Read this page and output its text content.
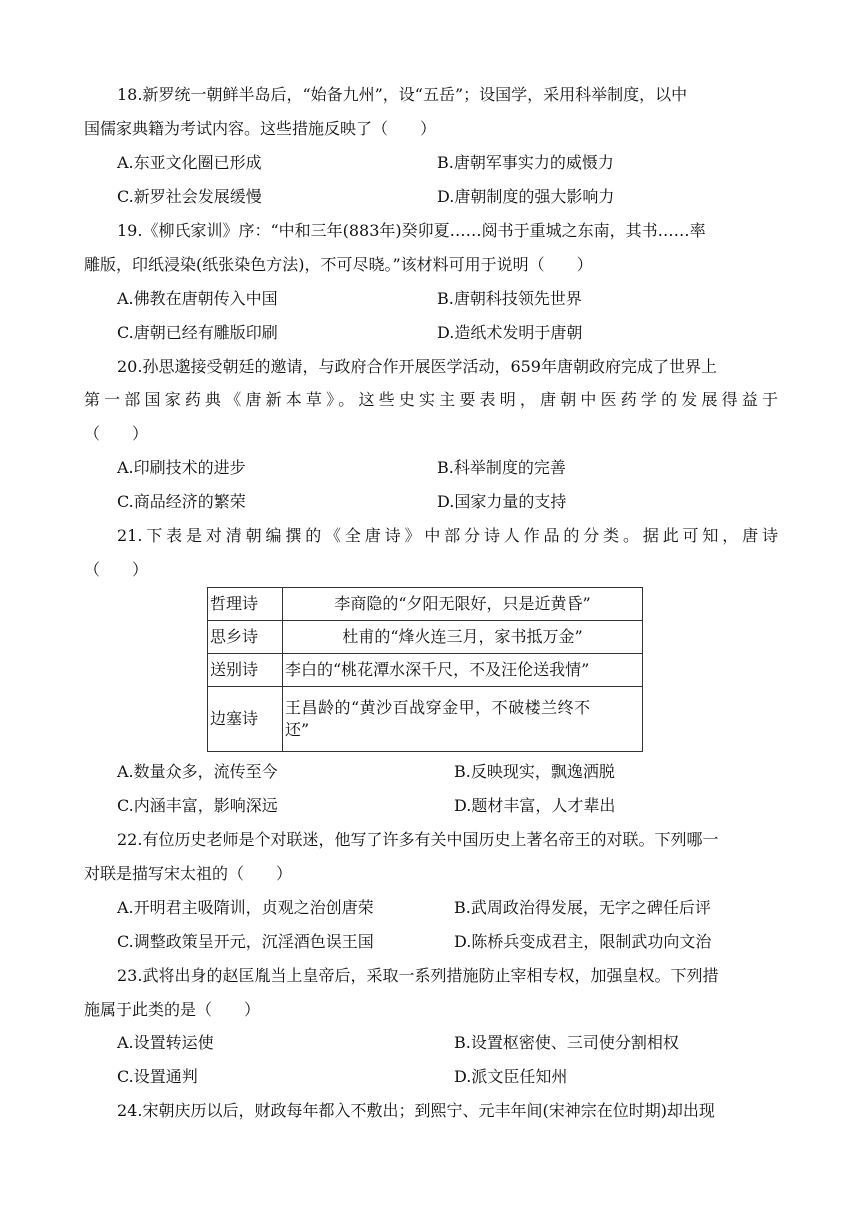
18.新罗统一朝鲜半岛后，“始备九州”，设“五岳”；设国学，采用科举制度，以中
国儒家典籍为考试内容。这些措施反映了（　　）
A.东亚文化圈已形成	B.唐朝军事实力的威慑力
C.新罗社会发展缓慢	D.唐朝制度的强大影响力
19.《柳氏家训》序：“中和三年(883年)癸卯夏……阅书于重城之东南，其书……率
雕版，印纸浸染(纸张染色方法)，不可尽晓。”该材料可用于说明（　　）
A.佛教在唐朝传入中国	B.唐朝科技领先世界
C.唐朝已经有雕版印刷	D.造纸术发明于唐朝
20.孙思邈接受朝廷的邀请，与政府合作开展医学活动，659年唐朝政府完成了世界上
第一部国家药典《唐新本草》。这些史实主要表明，唐朝中医药学的发展得益于
（　　）
A.印刷技术的进步	B.科举制度的完善
C.商品经济的繁荣	D.国家力量的支持
21.下表是对清朝编撰的《全唐诗》中部分诗人作品的分类。据此可知，唐诗
（　　）
哲理诗	李商隐的“夕阳无限好，只是近黄昏”
思乡诗	杜甫的“烽火连三月，家书抵万金”
送别诗	李白的“桃花潭水深千尺，不及汪伦送我情”
边塞诗	王昌龄的“黄沙百战穿金甲，不破楼兰终不
还”
A.数量众多，流传至今	B.反映现实，飘逸洒脱
C.内涵丰富，影响深远	D.题材丰富，人才辈出
22.有位历史老师是个对联迷，他写了许多有关中国历史上著名帝王的对联。下列哪一
对联是描写宋太祖的（　　）
A.开明君主吸隋训，贞观之治创唐荣	B.武周政治得发展，无字之碑任后评
C.调整政策呈开元，沉淫酒色误王国	D.陈桥兵变成君主，限制武功向文治
23.武将出身的赵匡胤当上皇帝后，采取一系列措施防止宰相专权，加强皇权。下列措
施属于此类的是（　　）
A.设置转运使	B.设置枢密使、三司使分割相权
C.设置通判	D.派文臣任知州
24.宋朝庆历以后，财政每年都入不敷出；到熙宁、元丰年间(宋神宗在位时期)却出现
